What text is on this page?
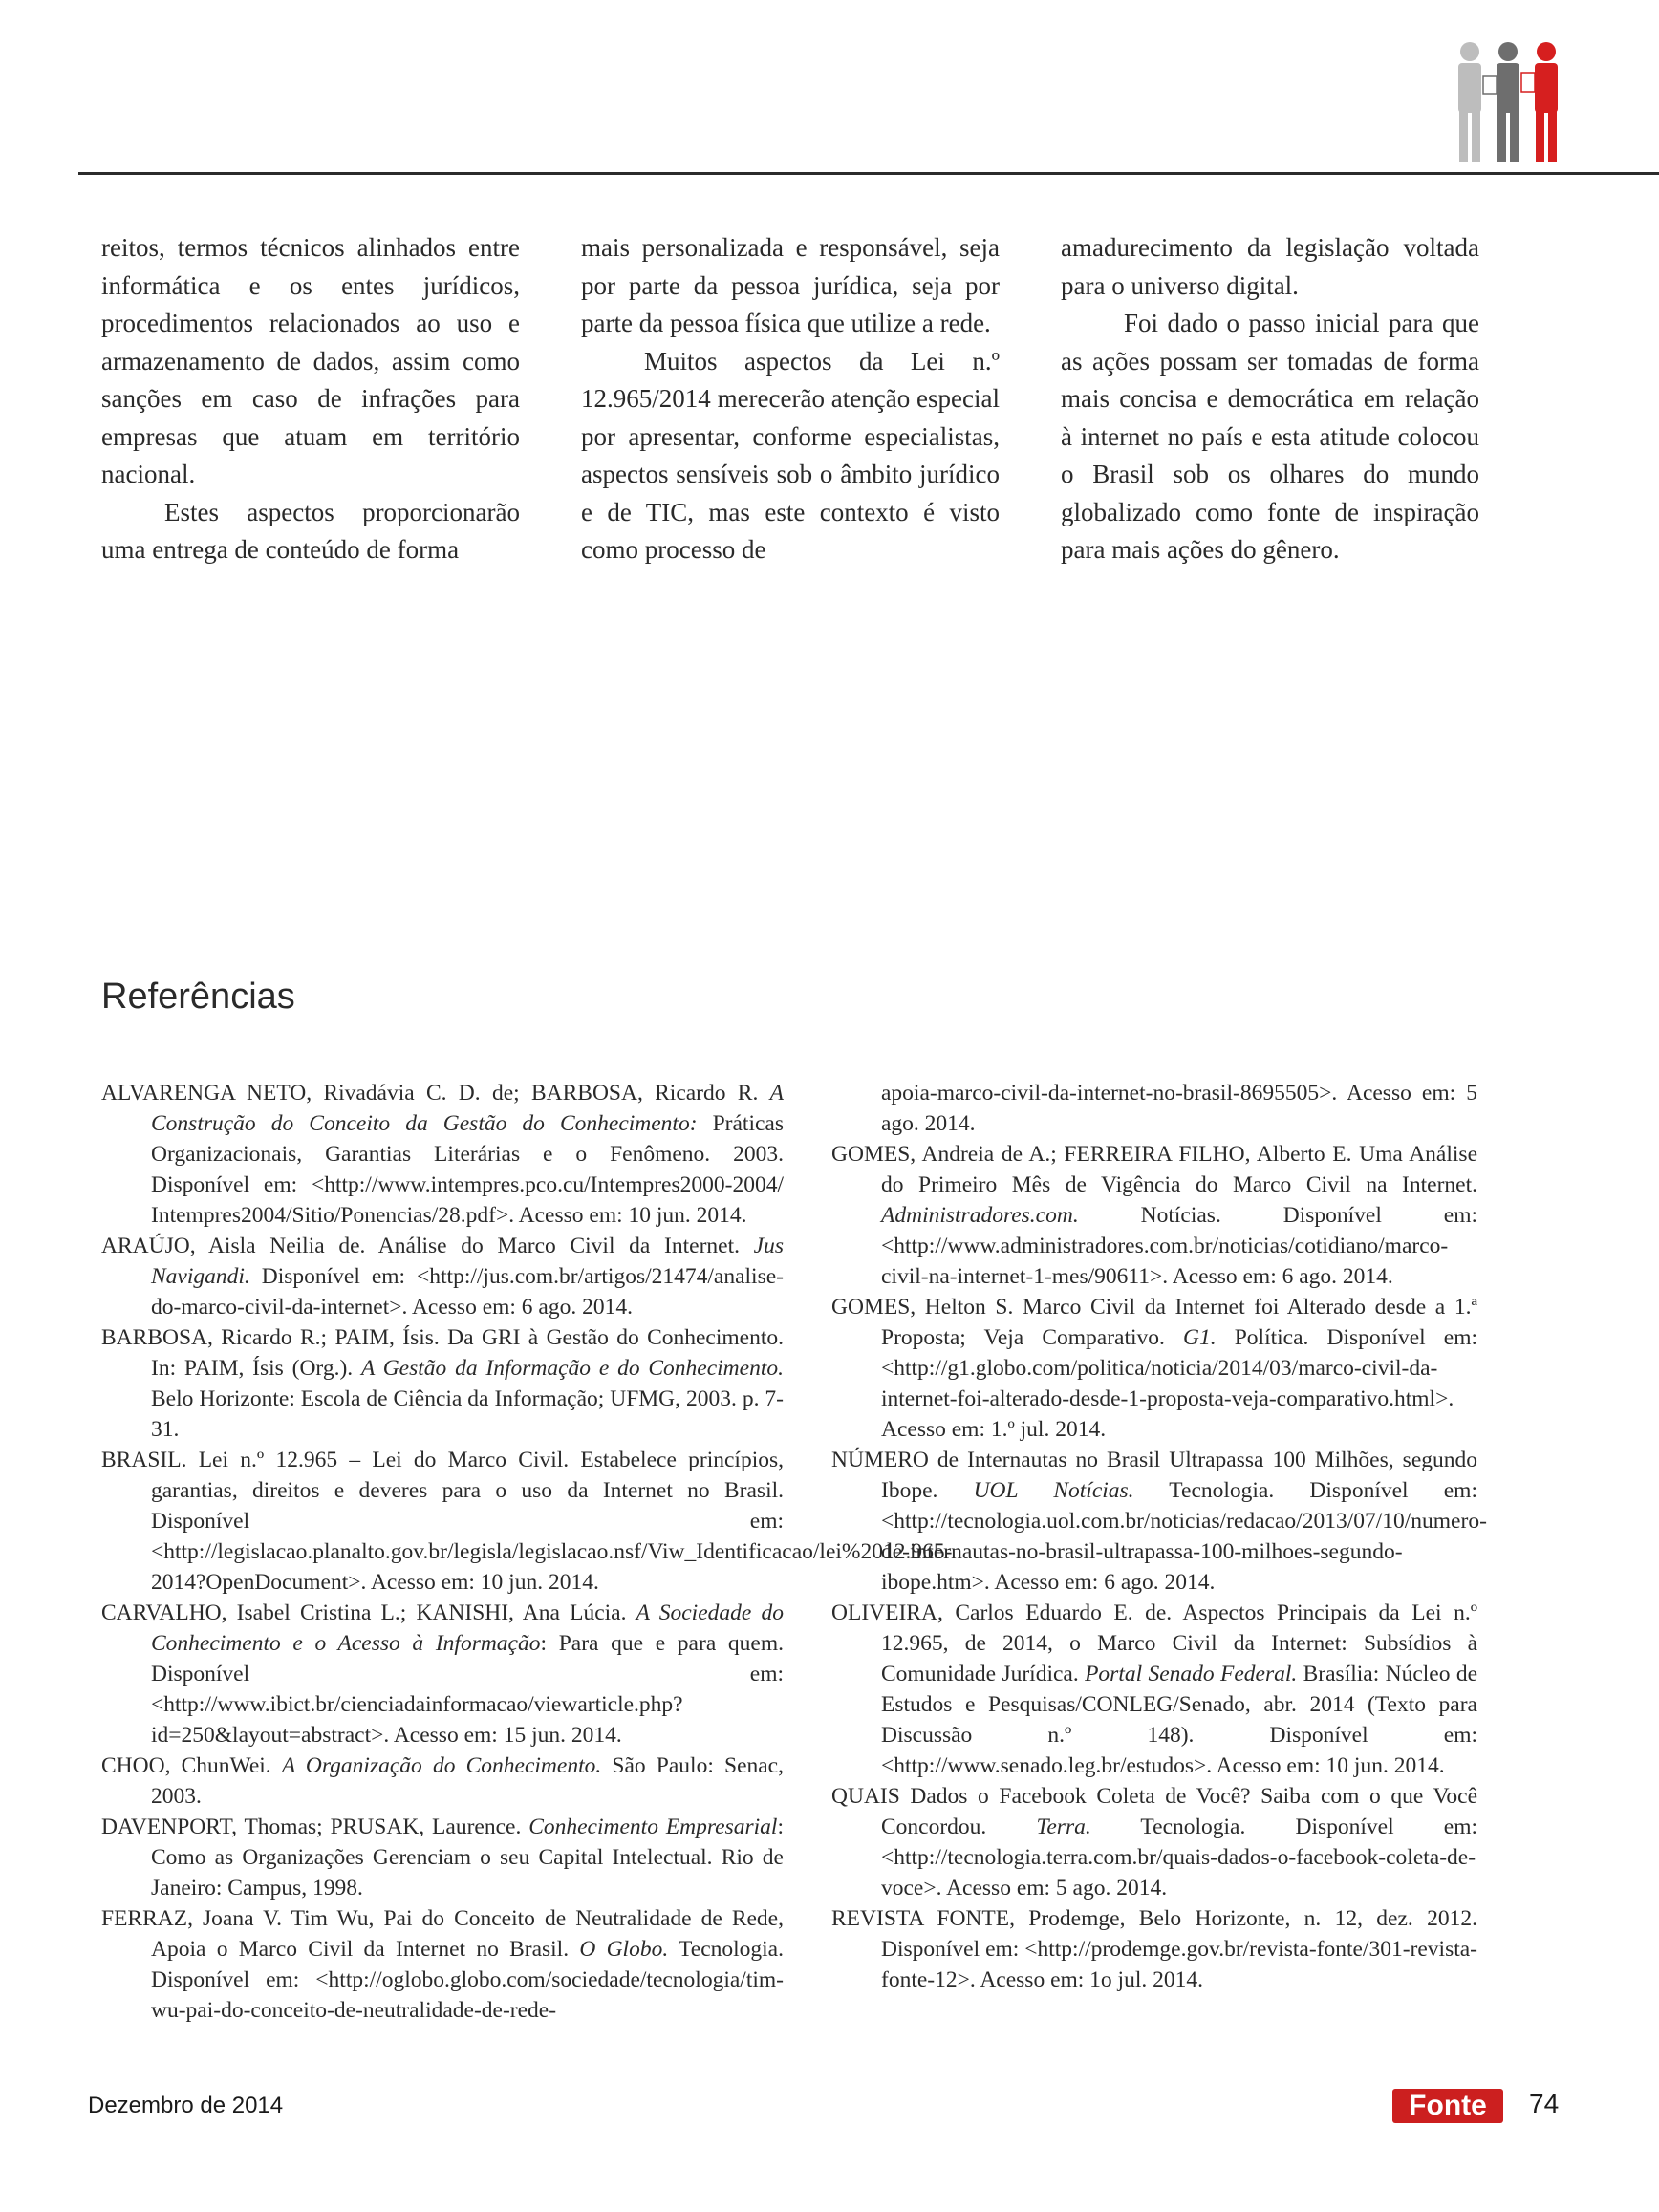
reitos, termos técnicos alinhados entre informática e os entes jurídicos, procedimentos relacionados ao uso e armazenamento de dados, assim como sanções em caso de infrações para empresas que atuam em território nacional.

Estes aspectos proporcionarão uma entrega de conteúdo de forma

mais personalizada e responsável, seja por parte da pessoa jurídica, seja por parte da pessoa física que utilize a rede.

Muitos aspectos da Lei n.º 12.965/2014 merecerão atenção especial por apresentar, conforme especialistas, aspectos sensíveis sob o âmbito jurídico e de TIC, mas este contexto é visto como processo de

amadurecimento da legislação voltada para o universo digital.

Foi dado o passo inicial para que as ações possam ser tomadas de forma mais concisa e democrática em relação à internet no país e esta atitude colocou o Brasil sob os olhares do mundo globalizado como fonte de inspiração para mais ações do gênero.

Referências

ALVARENGA NETO, Rivadávia C. D. de; BARBOSA, Ricardo R. A Construção do Conceito da Gestão do Conhecimento: Práticas Organizacionais, Garantias Literárias e o Fenômeno. 2003. Disponível em: <http://www.intempres.pco.cu/Intempres2000-2004/ Intempres2004/Sitio/Ponencias/28.pdf>. Acesso em: 10 jun. 2014.

ARAÚJO, Aisla Neilia de. Análise do Marco Civil da Internet. Jus Navigandi. Disponível em: <http://jus.com.br/artigos/21474/analise-do-marco-civil-da-internet>. Acesso em: 6 ago. 2014.

BARBOSA, Ricardo R.; PAIM, Ísis. Da GRI à Gestão do Conhecimento. In: PAIM, Ísis (Org.). A Gestão da Informação e do Conhecimento. Belo Horizonte: Escola de Ciência da Informação; UFMG, 2003. p. 7-31.

BRASIL. Lei n.º 12.965 – Lei do Marco Civil. Estabelece princípios, garantias, direitos e deveres para o uso da Internet no Brasil. Disponível em: <http://legislacao.planalto.gov.br/legisla/legislacao.nsf/Viw_Identificacao/lei%2012.965-2014?OpenDocument>. Acesso em: 10 jun. 2014.

CARVALHO, Isabel Cristina L.; KANISHI, Ana Lúcia. A Sociedade do Conhecimento e o Acesso à Informação: Para que e para quem. Disponível em: <http://www.ibict.br/cienciadainformacao/viewarticle.php?id=250&layout=abstract>. Acesso em: 15 jun. 2014.

CHOO, ChunWei. A Organização do Conhecimento. São Paulo: Senac, 2003.

DAVENPORT, Thomas; PRUSAK, Laurence. Conhecimento Empresarial: Como as Organizações Gerenciam o seu Capital Intelectual. Rio de Janeiro: Campus, 1998.

FERRAZ, Joana V. Tim Wu, Pai do Conceito de Neutralidade de Rede, Apoia o Marco Civil da Internet no Brasil. O Globo. Tecnologia. Disponível em: <http://oglobo.globo.com/sociedade/tecnologia/tim-wu-pai-do-conceito-de-neutralidade-de-rede-

apoia-marco-civil-da-internet-no-brasil-8695505>. Acesso em: 5 ago. 2014.

GOMES, Andreia de A.; FERREIRA FILHO, Alberto E. Uma Análise do Primeiro Mês de Vigência do Marco Civil na Internet. Administradores.com. Notícias. Disponível em: <http://www.administradores.com.br/noticias/cotidiano/marco-civil-na-internet-1-mes/90611>. Acesso em: 6 ago. 2014.

GOMES, Helton S. Marco Civil da Internet foi Alterado desde a 1.ª Proposta; Veja Comparativo. G1. Política. Disponível em: <http://g1.globo.com/politica/noticia/2014/03/marco-civil-da-internet-foi-alterado-desde-1-proposta-veja-comparativo.html>. Acesso em: 1.º jul. 2014.

NÚMERO de Internautas no Brasil Ultrapassa 100 Milhões, segundo Ibope. UOL Notícias. Tecnologia. Disponível em: <http://tecnologia.uol.com.br/noticias/redacao/2013/07/10/numero-de-internautas-no-brasil-ultrapassa-100-milhoes-segundo-ibope.htm>. Acesso em: 6 ago. 2014.

OLIVEIRA, Carlos Eduardo E. de. Aspectos Principais da Lei n.º 12.965, de 2014, o Marco Civil da Internet: Subsídios à Comunidade Jurídica. Portal Senado Federal. Brasília: Núcleo de Estudos e Pesquisas/CONLEG/Senado, abr. 2014 (Texto para Discussão n.º 148). Disponível em: <http://www.senado.leg.br/estudos>. Acesso em: 10 jun. 2014.

QUAIS Dados o Facebook Coleta de Você? Saiba com o que Você Concordou. Terra. Tecnologia. Disponível em: <http://tecnologia.terra.com.br/quais-dados-o-facebook-coleta-de-voce>. Acesso em: 5 ago. 2014.

REVISTA FONTE, Prodemge, Belo Horizonte, n. 12, dez. 2012. Disponível em: <http://prodemge.gov.br/revista-fonte/301-revista-fonte-12>. Acesso em: 1o jul. 2014.

Dezembro de 2014	Fonte	74
